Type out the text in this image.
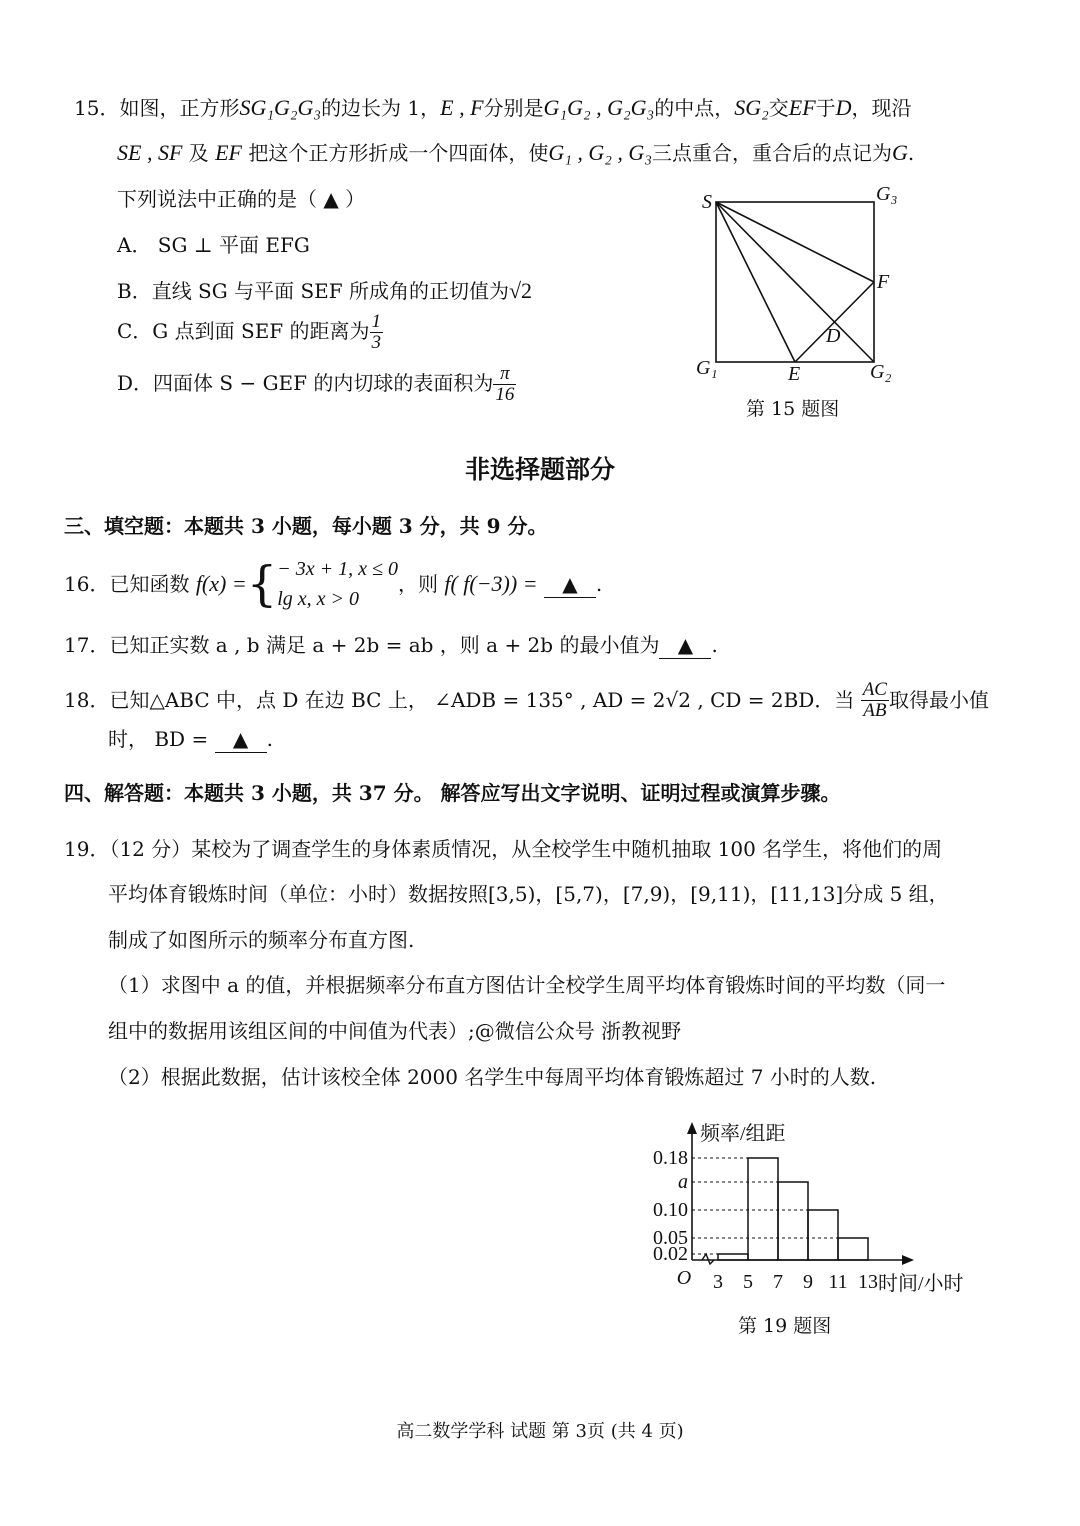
15．如图，正方形SG₁G₂G₃的边长为 1，E , F分别是G₁G₂ , G₂G₃的中点，SG₂交EF于D，现沿
SE , SF 及 EF 把这个正方形折成一个四面体，使G₁ , G₂ , G₃三点重合，重合后的点记为G.
下列说法中正确的是（ ▲ ）
A． SG ⊥ 平面 EFG
B．直线 SG 与平面 SEF 所成角的正切值为√2
C．G 点到面 SEF 的距离为 $\frac{1}{3}$
D．四面体 S − GEF 的内切球的表面积为 $\frac{\pi}{16}$
S	G₃
F
D
G₁	E	G₂
第 15 题图
非选择题部分
三、填空题：本题共 3 小题，每小题 3 分，共 9 分。
16． 已知函数
f(x) = { − 3x + 1, x ≤ 0
lg x, x > 0
，则
f( f(−3)) =
	▲ .
17．已知正实数 a , b 满足 a + 2b = ab ，则 a + 2b 的最小值为 ▲ .
18． 已知△ABC 中，点 D 在边 BC 上， ∠ADB = 135° , AD = 2√2 , CD = 2BD．当
$\frac{AC}{AB}$ 取得最小值
时， BD = ▲ .
四、解答题：本题共 3 小题，共 37 分。 解答应写出文字说明、证明过程或演算步骤。
19．（12 分）某校为了调查学生的身体素质情况，从全校学生中随机抽取 100 名学生，将他们的周
平均体育锻炼时间（单位：小时）数据按照[3,5)，[5,7)，[7,9)，[9,11)，[11,13]分成 5 组，
制成了如图所示的频率分布直方图.
（1）求图中 a 的值，并根据频率分布直方图估计全校学生周平均体育锻炼时间的平均数（同一
组中的数据用该组区间的中间值为代表）;@微信公众号 浙教视野
（2）根据此数据，估计该校全体 2000 名学生中每周平均体育锻炼超过 7 小时的人数.
0.18
a
0.10
0.05
0.02
3 5 7 9 11 13
O
频率/组距
时间/小时
第 19 题图
高二数学学科 试题 第 3页 (共 4 页)
